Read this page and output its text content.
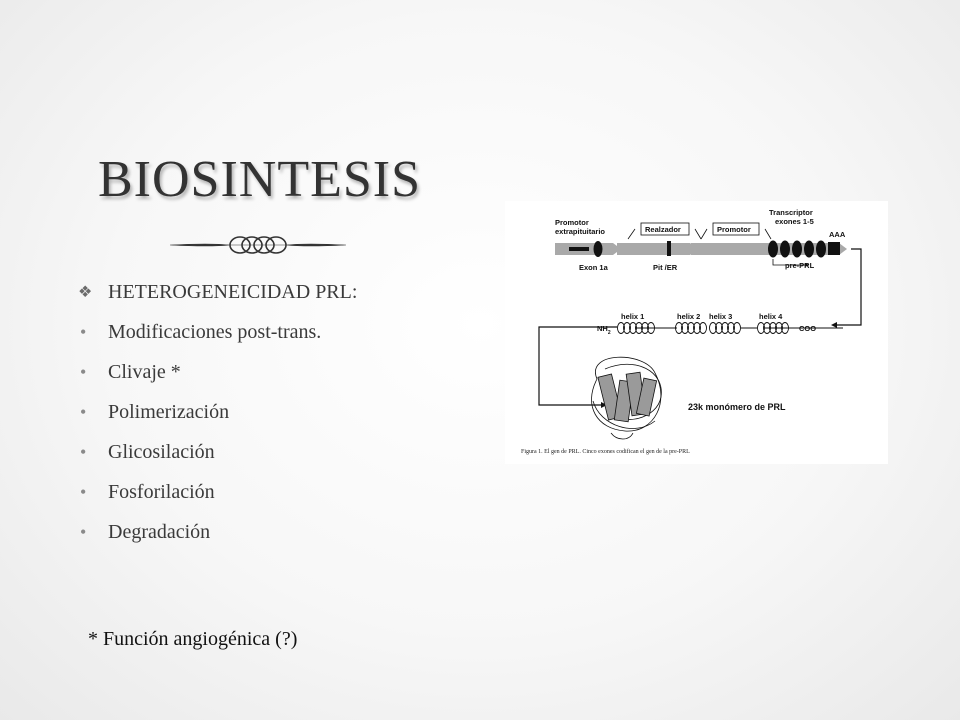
BIOSINTESIS
❖ HETEROGENEICIDAD PRL:
• Modificaciones post-trans.
• Clivaje *
• Polimerización
• Glicosilación
• Fosforilación
• Degradación
* Función angiogénica (?)
Promotor
extrapituitario	Realzador	Promotor
Transcriptor
exones 1-5
AAA
Exon 1a	Pit /ER	pre-PRL
$NH_2$	COO
helix 1	helix 2 helix 3	helix 4
23k monómero de PRL
Figura 1. El gen de PRL. Cinco exones codifican el gen de la pre-PRL
